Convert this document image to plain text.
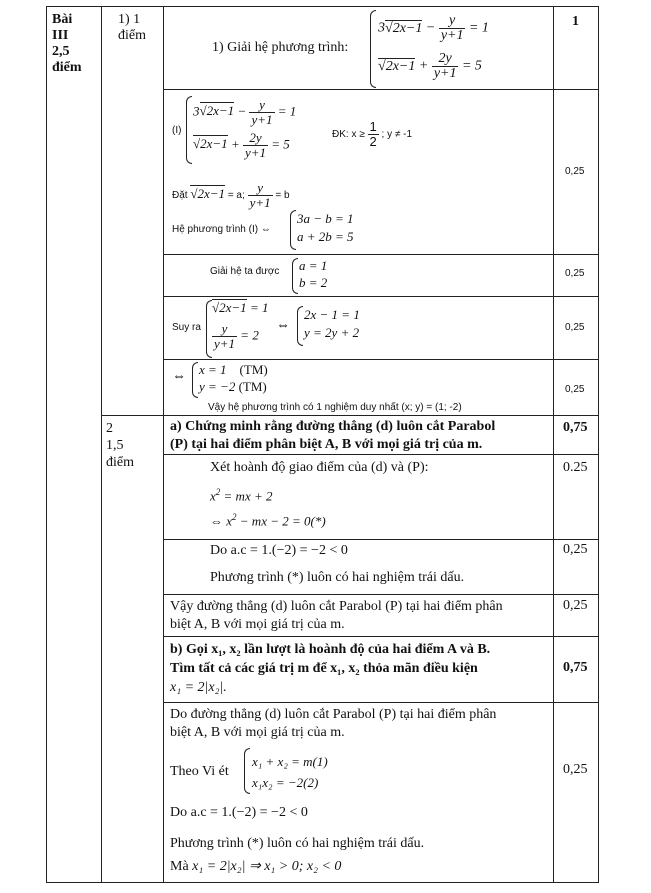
Bài
III
2,5
điểm
1) 1
điểm
2
1,5
điểm
1) Giải hệ phương trình:
$3√2x-1 - \frac{y}{y+1} = 1$
$√2x-1 + \frac{2y}{y+1} = 5$
1
(I)
$3√2x-1 - \frac{y}{y+1} = 1$
$√2x-1 + \frac{2y}{y+1} = 5$
ĐK: $x \ge \frac{1}{2}$ ; y ≠ -1
Đặt √2x−1 = a; $\frac{y}{y+1} = b$
Hệ phương trình (I) ⇔
3a − b = 1
a + 2b = 5
0,25
Giải hệ ta được a = 1
b = 2
0,25
Suy ra
√2x−1 = 1
$\frac{y}{y+1} = 2$
⇔
2x − 1 = 1
y = 2y + 2	0,25
⇔ x = 1 (TM)
y = −2 (TM)
Vậy hệ phương trình có 1 nghiệm duy nhất (x; y) = (1; -2)
0,25
a) Chứng minh rằng đường thẳng (d) luôn cắt Parabol
(P) tại hai điểm phân biệt A, B với mọi giá trị của m.
0,75
Xét hoành độ giao điểm của (d) và (P):
$x^2$ = mx + 2
⇔ $x^2$ − mx − 2 = 0(*)
0.25
Do a.c = 1.(−2) = −2 < 0
Phương trình (*) luôn có hai nghiệm trái dấu.
0,25
Vậy đường thẳng (d) luôn cắt Parabol (P) tại hai điểm phân
biệt A, B với mọi giá trị của m.
0,25
b) Gọi x₁, x₂ lần lượt là hoành độ của hai điểm A và B.
Tìm tất cả các giá trị m để x₁, x₂ thỏa mãn điều kiện
x₁ = 2|x₂|.
0,75
Do đường thẳng (d) luôn cắt Parabol (P) tại hai điểm phân
biệt A, B với mọi giá trị của m.
Theo Vi ét
x₁ + x₂ = m(1)
x₁x₂ = −2(2)
Do a.c = 1.(−2) = −2 < 0
Phương trình (*) luôn có hai nghiệm trái dấu.
Mà x₁ = 2|x₂| ⇒ x₁ > 0; x₂ < 0
0,25
